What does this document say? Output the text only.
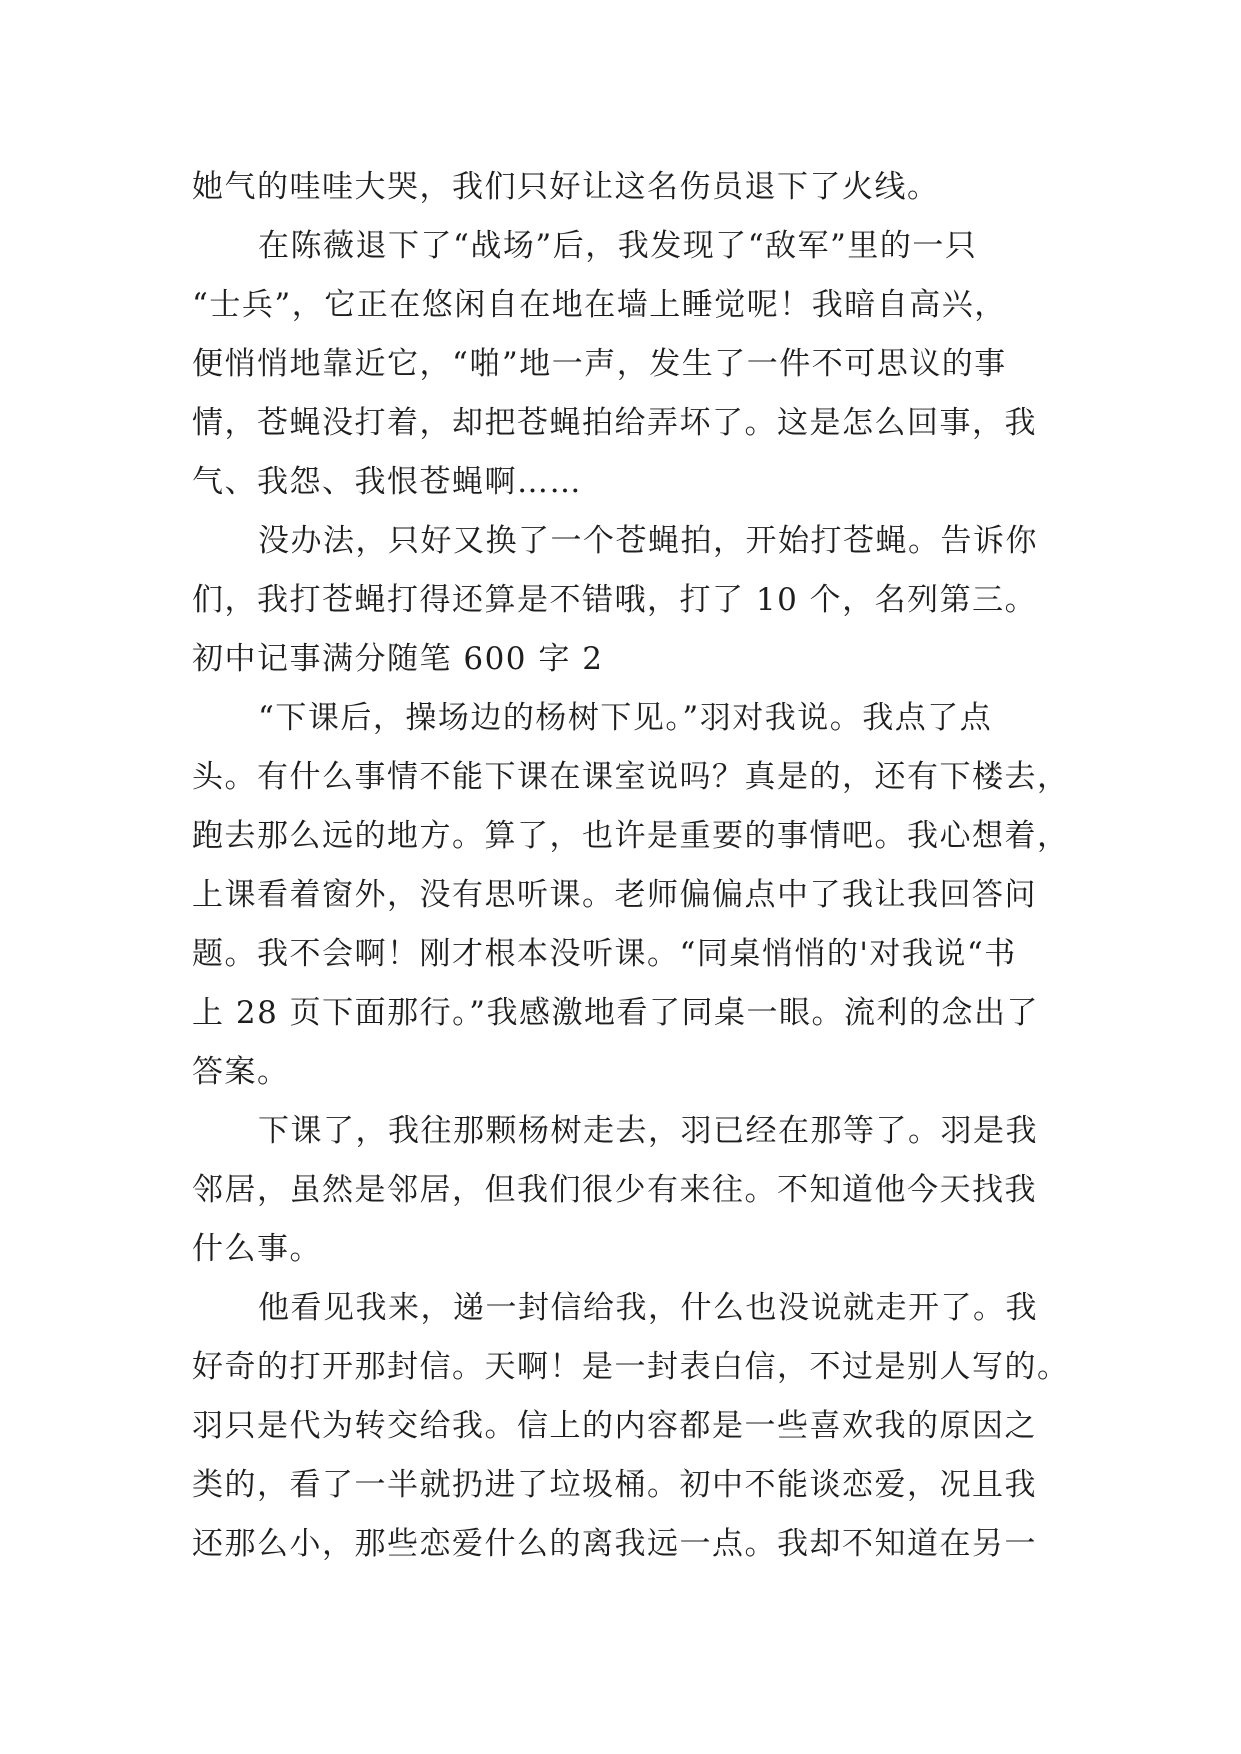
她气的哇哇大哭，我们只好让这名伤员退下了火线。
在陈薇退下了“战场”后，我发现了“敌军”里的一只
“士兵”，它正在悠闲自在地在墙上睡觉呢！我暗自高兴，
便悄悄地靠近它，“啪”地一声，发生了一件不可思议的事
情，苍蝇没打着，却把苍蝇拍给弄坏了。这是怎么回事，我
气、我怨、我恨苍蝇啊……
没办法，只好又换了一个苍蝇拍，开始打苍蝇。告诉你
们，我打苍蝇打得还算是不错哦，打了 10 个，名列第三。
初中记事满分随笔 600 字 2
“下课后，操场边的杨树下见。”羽对我说。我点了点
头。有什么事情不能下课在课室说吗？真是的，还有下楼去，
跑去那么远的地方。算了，也许是重要的事情吧。我心想着，
上课看着窗外，没有思听课。老师偏偏点中了我让我回答问
题。我不会啊！刚才根本没听课。“同桌悄悄的'对我说“书
上 28 页下面那行。”我感激地看了同桌一眼。流利的念出了
答案。
下课了，我往那颗杨树走去，羽已经在那等了。羽是我
邻居，虽然是邻居，但我们很少有来往。不知道他今天找我
什么事。
他看见我来，递一封信给我，什么也没说就走开了。我
好奇的打开那封信。天啊！是一封表白信，不过是别人写的。
羽只是代为转交给我。信上的内容都是一些喜欢我的原因之
类的，看了一半就扔进了垃圾桶。初中不能谈恋爱，况且我
还那么小，那些恋爱什么的离我远一点。我却不知道在另一
